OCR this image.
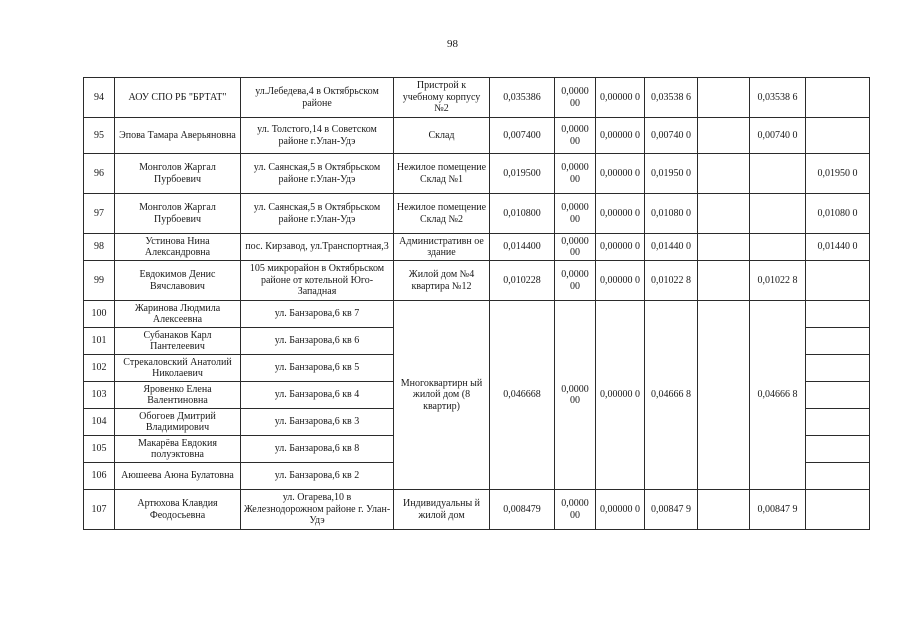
98
94	АОУ СПО РБ "БРТАТ"	ул.Лебедева,4 в Октябрьском районе	Пристрой к учебному корпусу №2	0,035386	0,0000 00	0,00000 0	0,03538 6		0,03538 6	
95	Эпова Тамара Аверьяновна	ул. Толстого,14 в Советском районе г.Улан-Удэ	Склад	0,007400	0,0000 00	0,00000 0	0,00740 0		0,00740 0	
96	Монголов Жаргал Пурбоевич	ул. Саянская,5 в Октябрьском районе г.Улан-Удэ	Нежилое помещение Склад №1	0,019500	0,0000 00	0,00000 0	0,01950 0			0,01950 0
97	Монголов Жаргал Пурбоевич	ул. Саянская,5 в Октябрьском районе г.Улан-Удэ	Нежилое помещение Склад №2	0,010800	0,0000 00	0,00000 0	0,01080 0			0,01080 0
98	Устинова Нина Александровна	пос. Кирзавод, ул.Транспортная,3	Административн ое здание	0,014400	0,0000 00	0,00000 0	0,01440 0			0,01440 0
99	Евдокимов Денис Вячславович	105 микрорайон в Октябрьском районе от котельной Юго-Западная	Жилой дом №4 квартира №12	0,010228	0,0000 00	0,00000 0	0,01022 8		0,01022 8	
100	Жаринова Людмила Алексеевна	ул. Банзарова,6 кв 7	Многоквартирн ый жилой дом (8 квартир)	0,046668	0,0000 00	0,00000 0	0,04666 8		0,04666 8	
101	Субанаков Карл Пантелеевич	ул. Банзарова,6 кв 6								
102	Стрекаловский Анатолий Николаевич	ул. Банзарова,6 кв 5								
103	Яровенко Елена Валентиновна	ул. Банзарова,6 кв 4								
104	Обогоев Дмитрий Владимирович	ул. Банзарова,6 кв 3								
105	Макарёва Евдокия полуэктовна	ул. Банзарова,6 кв 8								
106	Аюшеева Аюна Булатовна	ул. Банзарова,6 кв 2								
107	Артюхова Клавдия Феодосьевна	ул. Огарева,10 в Железнодорожном районе г. Улан-Удэ	Индивидуальны й жилой дом	0,008479	0,0000 00	0,00000 0	0,00847 9		0,00847 9	
